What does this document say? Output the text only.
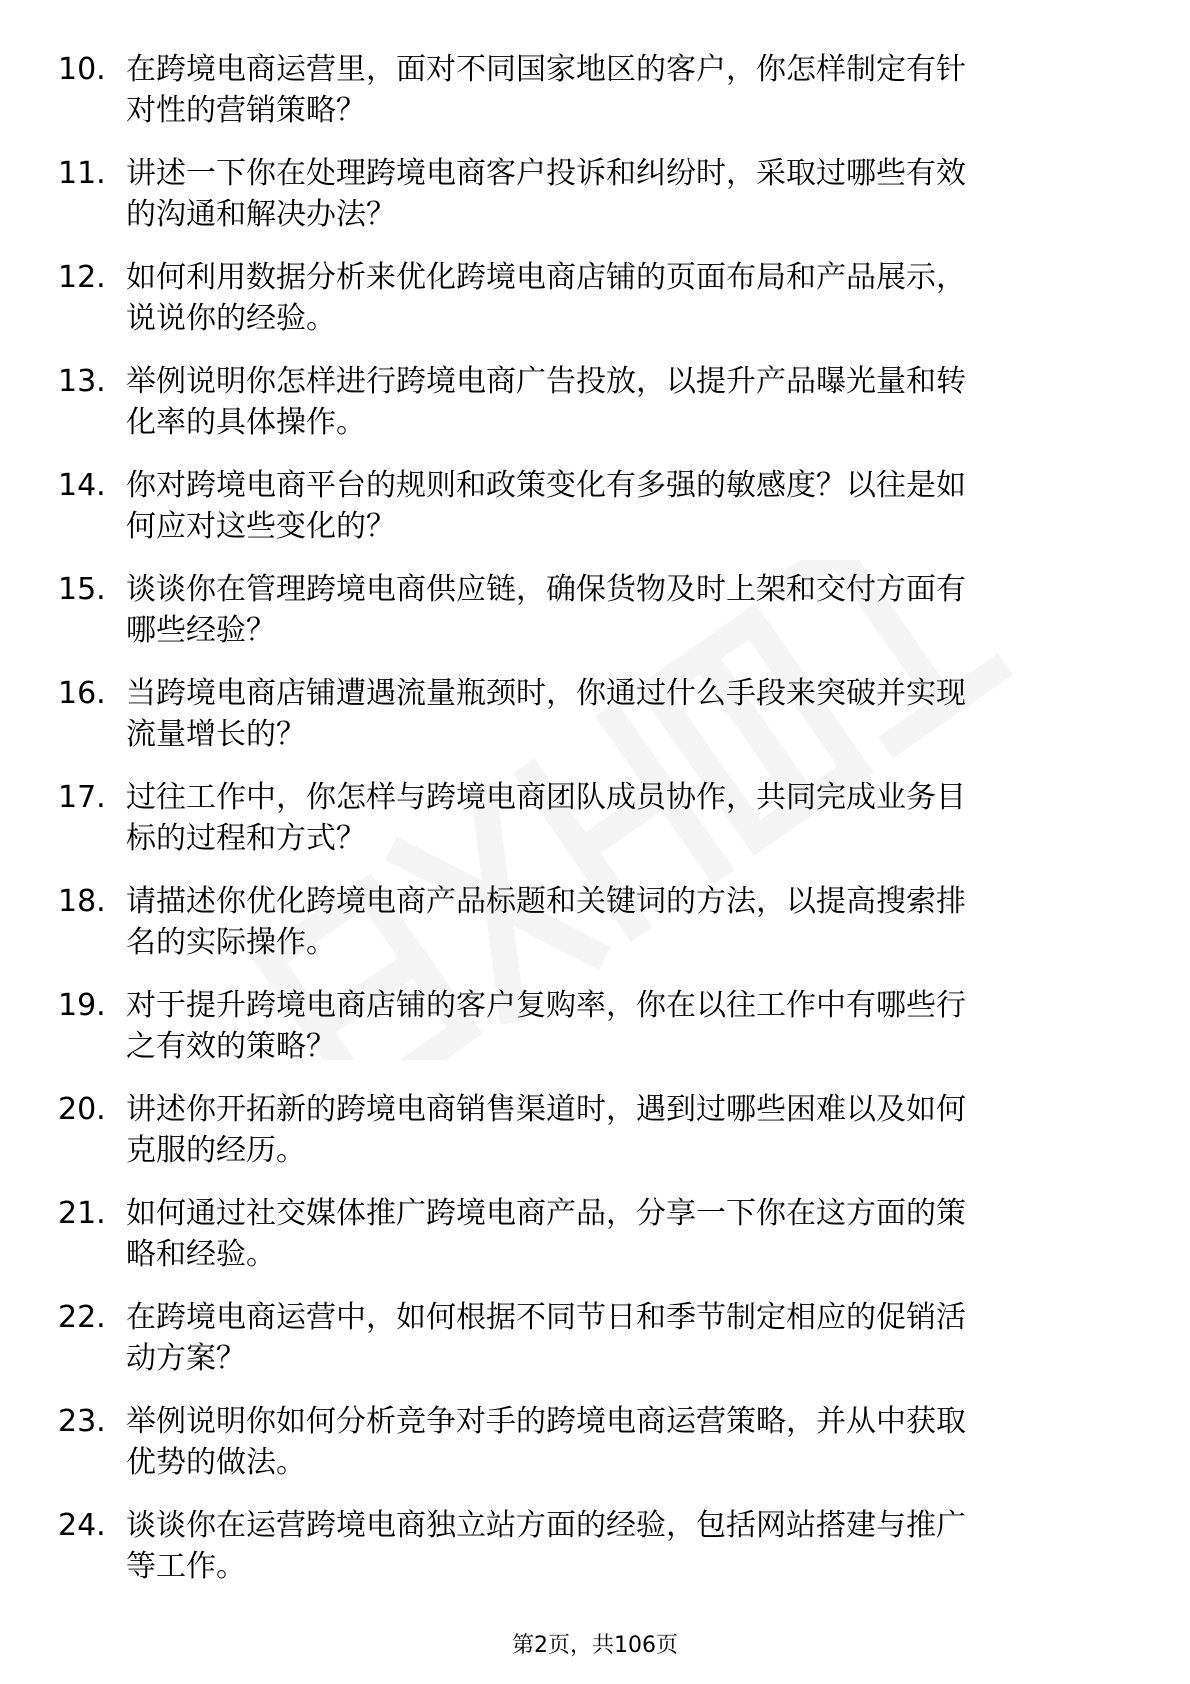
10. 在跨境电商运营里，面对不同国家地区的客户，你怎样制定有针
对性的营销策略？
11. 讲述一下你在处理跨境电商客户投诉和纠纷时，采取过哪些有效
的沟通和解决办法？
12. 如何利用数据分析来优化跨境电商店铺的页面布局和产品展示，
说说你的经验。
13. 举例说明你怎样进行跨境电商广告投放，以提升产品曝光量和转
化率的具体操作。
14. 你对跨境电商平台的规则和政策变化有多强的敏感度？以往是如
何应对这些变化的？
15. 谈谈你在管理跨境电商供应链，确保货物及时上架和交付方面有
哪些经验？
16. 当跨境电商店铺遭遇流量瓶颈时，你通过什么手段来突破并实现
流量增长的？
17. 过往工作中，你怎样与跨境电商团队成员协作，共同完成业务目
标的过程和方式？
18. 请描述你优化跨境电商产品标题和关键词的方法，以提高搜索排
名的实际操作。
19. 对于提升跨境电商店铺的客户复购率，你在以往工作中有哪些行
之有效的策略？
20. 讲述你开拓新的跨境电商销售渠道时，遇到过哪些困难以及如何
克服的经历。
21. 如何通过社交媒体推广跨境电商产品，分享一下你在这方面的策
略和经验。
22. 在跨境电商运营中，如何根据不同节日和季节制定相应的促销活
动方案？
23. 举例说明你如何分析竞争对手的跨境电商运营策略，并从中获取
优势的做法。
24. 谈谈你在运营跨境电商独立站方面的经验，包括网站搭建与推广
等工作。
第2页，共106页
